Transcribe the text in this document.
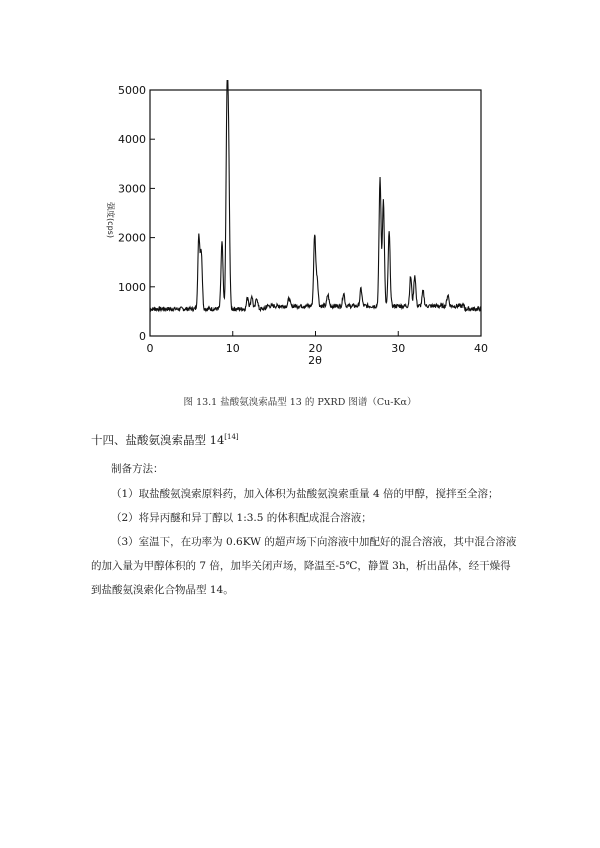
0
1000
2000
3000
4000
5000
0	10	20	30	40
强度(cps)
2θ
图 13.1 盐酸氨溴索晶型 13 的 PXRD 图谱（Cu-Kα）
十四、盐酸氨溴索晶型 14[14]
制备方法：
（1）取盐酸氨溴索原料药，加入体积为盐酸氨溴索重量 4 倍的甲醇，搅拌至全溶；
（2）将异丙醚和异丁醇以 1:3.5 的体积配成混合溶液；
（3）室温下，在功率为 0.6KW 的超声场下向溶液中加配好的混合溶液，其中混合溶液
的加入量为甲醇体积的 7 倍，加毕关闭声场，降温至-5℃，静置 3h，析出晶体，经干燥得
到盐酸氨溴索化合物晶型 14。
